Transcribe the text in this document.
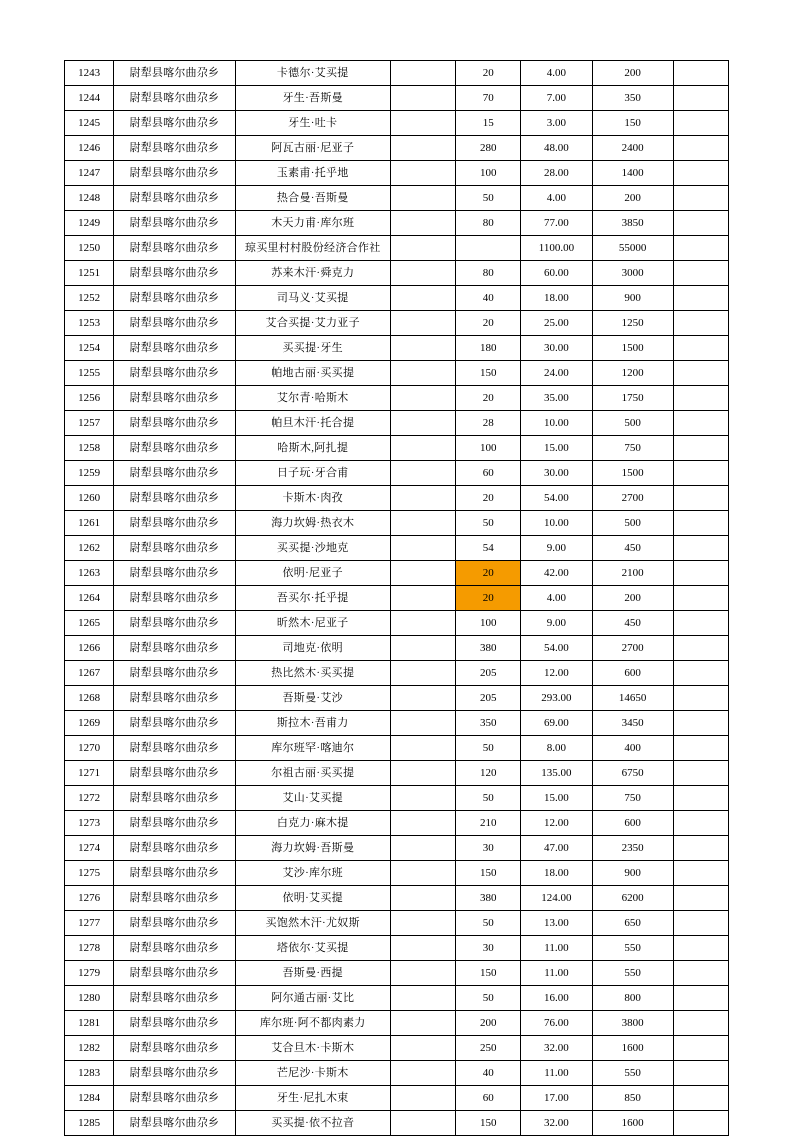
1243	尉犁县喀尔曲尕乡	卡德尔·艾买提		20	4.00	200	
1244	尉犁县喀尔曲尕乡	牙生·吾斯曼		70	7.00	350	
1245	尉犁县喀尔曲尕乡	牙生·吐卡		15	3.00	150	
1246	尉犁县喀尔曲尕乡	阿瓦古丽·尼亚子		280	48.00	2400	
1247	尉犁县喀尔曲尕乡	玉素甫·托乎地		100	28.00	1400	
1248	尉犁县喀尔曲尕乡	热合曼·吾斯曼		50	4.00	200	
1249	尉犁县喀尔曲尕乡	木天力甫·库尔班		80	77.00	3850	
1250	尉犁县喀尔曲尕乡	琼买里村村股份经济合作社			1100.00	55000	
1251	尉犁县喀尔曲尕乡	苏来木汗·舜克力		80	60.00	3000	
1252	尉犁县喀尔曲尕乡	司马义·艾买提		40	18.00	900	
1253	尉犁县喀尔曲尕乡	艾合买提·艾力亚子		20	25.00	1250	
1254	尉犁县喀尔曲尕乡	买买提·牙生		180	30.00	1500	
1255	尉犁县喀尔曲尕乡	帕地古丽·买买提		150	24.00	1200	
1256	尉犁县喀尔曲尕乡	艾尔青·哈斯木		20	35.00	1750	
1257	尉犁县喀尔曲尕乡	帕旦木汗·托合提		28	10.00	500	
1258	尉犁县喀尔曲尕乡	哈斯木,阿扎提		100	15.00	750	
1259	尉犁县喀尔曲尕乡	日子玩·牙合甫		60	30.00	1500	
1260	尉犁县喀尔曲尕乡	卡斯木·肉孜		20	54.00	2700	
1261	尉犁县喀尔曲尕乡	海力坎姆·热衣木		50	10.00	500	
1262	尉犁县喀尔曲尕乡	买买提·沙地克		54	9.00	450	
1263	尉犁县喀尔曲尕乡	依明·尼亚子		20	42.00	2100	
1264	尉犁县喀尔曲尕乡	吾买尔·托乎提		20	4.00	200	
1265	尉犁县喀尔曲尕乡	昕然木·尼亚子		100	9.00	450	
1266	尉犁县喀尔曲尕乡	司地克·依明		380	54.00	2700	
1267	尉犁县喀尔曲尕乡	热比然木·买买提		205	12.00	600	
1268	尉犁县喀尔曲尕乡	吾斯曼·艾沙		205	293.00	14650	
1269	尉犁县喀尔曲尕乡	斯拉木·吾甫力		350	69.00	3450	
1270	尉犁县喀尔曲尕乡	库尔班罕·喀迪尔		50	8.00	400	
1271	尉犁县喀尔曲尕乡	尔祖古丽·买买提		120	135.00	6750	
1272	尉犁县喀尔曲尕乡	艾山·艾买提		50	15.00	750	
1273	尉犁县喀尔曲尕乡	白克力·麻木提		210	12.00	600	
1274	尉犁县喀尔曲尕乡	海力坎姆·吾斯曼		30	47.00	2350	
1275	尉犁县喀尔曲尕乡	艾沙·库尔班		150	18.00	900	
1276	尉犁县喀尔曲尕乡	依明·艾买提		380	124.00	6200	
1277	尉犁县喀尔曲尕乡	买饱然木汗·尤奴斯		50	13.00	650	
1278	尉犁县喀尔曲尕乡	塔依尔·艾买提		30	11.00	550	
1279	尉犁县喀尔曲尕乡	吾斯曼·西提		150	11.00	550	
1280	尉犁县喀尔曲尕乡	阿尔通古丽·艾比		50	16.00	800	
1281	尉犁县喀尔曲尕乡	库尔班·阿不都肉素力		200	76.00	3800	
1282	尉犁县喀尔曲尕乡	艾合旦木·卡斯木		250	32.00	1600	
1283	尉犁县喀尔曲尕乡	芒尼沙·卡斯木		40	11.00	550	
1284	尉犁县喀尔曲尕乡	牙生·尼扎木束		60	17.00	850	
1285	尉犁县喀尔曲尕乡	买买提·依不拉音		150	32.00	1600	
